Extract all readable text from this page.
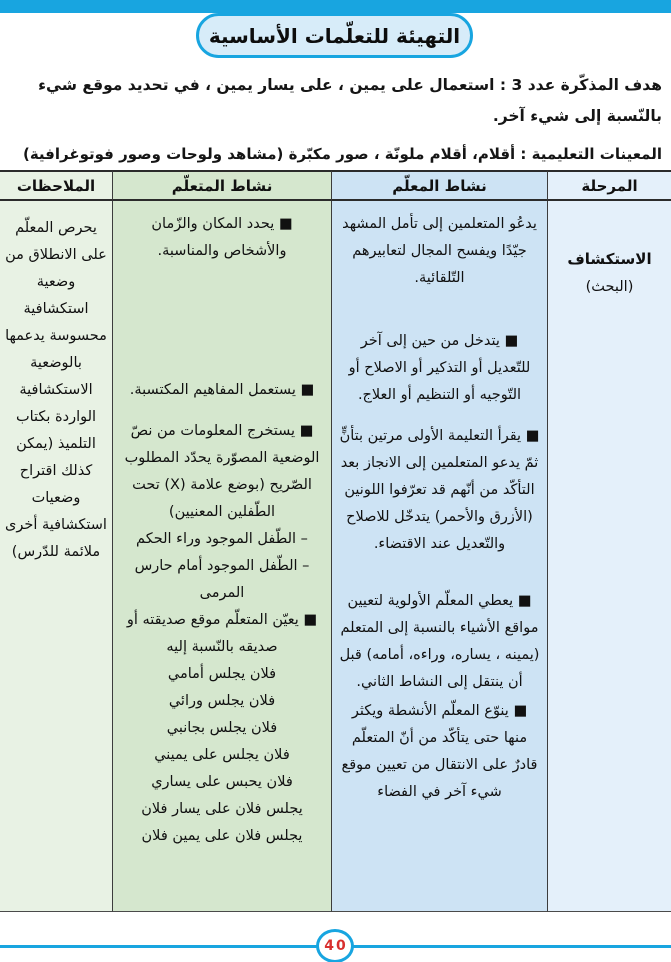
التهيئة للتعلّمات الأساسية

هدف المذكّرة عدد 3 : استعمال على يمين ، على يسار يمين ، في تحديد موقع شيء
بالنّسبة إلى شيء آخر.

المعينات التعليمية : أقلام، أقلام ملونّة ، صور مكبّرة (مشاهد ولوحات وصور فوتوغرافية)

المرحلة
نشاط المعلّم
نشاط المتعلّم
الملاحظات
الاستكشاف
(البحث)

يدعُو المتعلمين إلى تأمل المشهد جيّدًا ويفسح المجال لتعابيرهم التّلقائية.

■ يتدخل من حين إلى آخر للتّعديل أو التذكير أو الاصلاح أو التّوجيه أو التنظيم أو العلاج.

■ يقرأ التعليمة الأولى مرتين بتأنٍّ ثمّ يدعو المتعلمين إلى الانجاز بعد التأكّد من أنّهم قد تعرّفوا اللونين (الأزرق والأحمر) يتدخّل للاصلاح والتّعديل عند الاقتضاء.

■ يعطي المعلّم الأولوية لتعيين مواقع الأشياء بالنسبة إلى المتعلم (يمينه ، يساره، وراءه، أمامه) قبل أن ينتقل إلى النشاط الثاني.

■ ينوّع المعلّم الأنشطة ويكثر منها حتى يتأكّد من أنّ المتعلّم قادرٌ على الانتقال من تعيين موقع شيء آخر في الفضاء

■ يحدد المكان والزّمان والأشخاص والمناسبة.

■ يستعمل المفاهيم المكتسبة.

■ يستخرج المعلومات من نصّ الوضعية المصوّرة يحدّد المطلوب الصّريح (بوضع علامة (X) تحت الطّفلين المعنيين)

– الطّفل الموجود وراء الحكم

– الطّفل الموجود أمام حارس المرمى

■ يعيّن المتعلّم موقع صديقته أو صديقه بالنّسبة إليه

فلان يجلس أمامي

فلان يجلس ورائي

فلان يجلس بجانبي

فلان يجلس على يميني

فلان يحبس على يساري

يجلس فلان على يسار فلان

يجلس فلان على يمين فلان

يحرص المعلّم على الانطلاق من وضعية استكشافية محسوسة يدعمها بالوضعية الاستكشافية الواردة بكتاب التلميذ (يمكن كذلك اقتراح وضعيات استكشافية أخرى ملائمة للدّرس)

40
